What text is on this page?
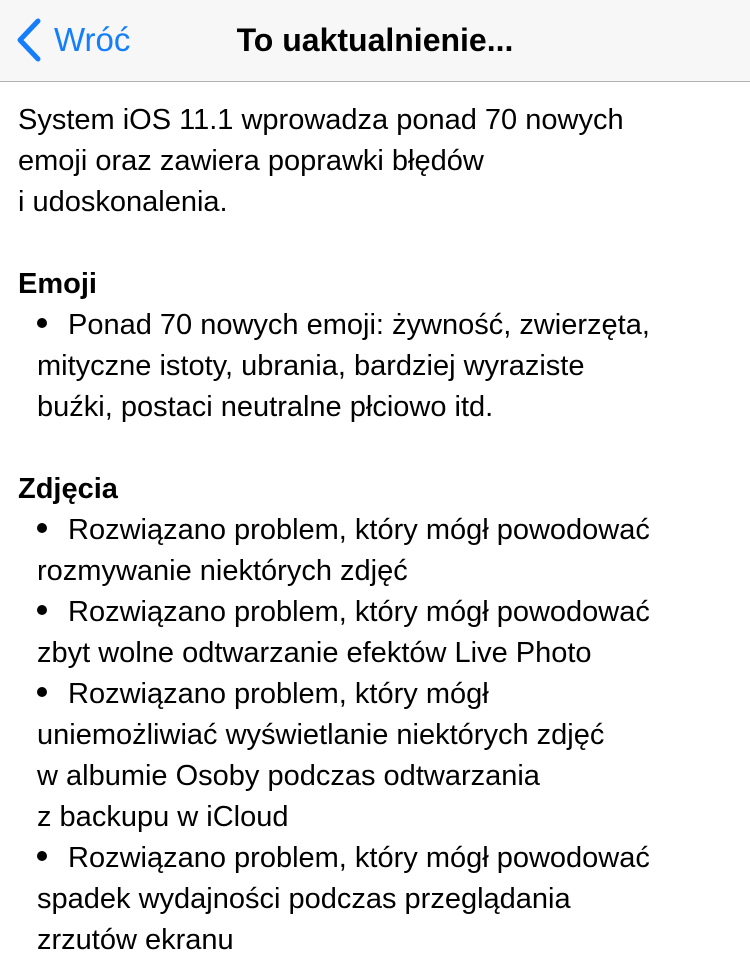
Wróć	To uaktualnienie...

System iOS 11.1 wprowadza ponad 70 nowych
emoji oraz zawiera poprawki błędów
i udoskonalenia.

Emoji

Ponad 70 nowych emoji: żywność, zwierzęta,

mityczne istoty, ubrania, bardziej wyraziste
buźki, postaci neutralne płciowo itd.

Zdjęcia

Rozwiązano problem, który mógł powodować

rozmywanie niektórych zdjęć

Rozwiązano problem, który mógł powodować

zbyt wolne odtwarzanie efektów Live Photo

Rozwiązano problem, który mógł

uniemożliwiać wyświetlanie niektórych zdjęć
w albumie Osoby podczas odtwarzania
z backupu w iCloud

Rozwiązano problem, który mógł powodować

spadek wydajności podczas przeglądania
zrzutów ekranu
